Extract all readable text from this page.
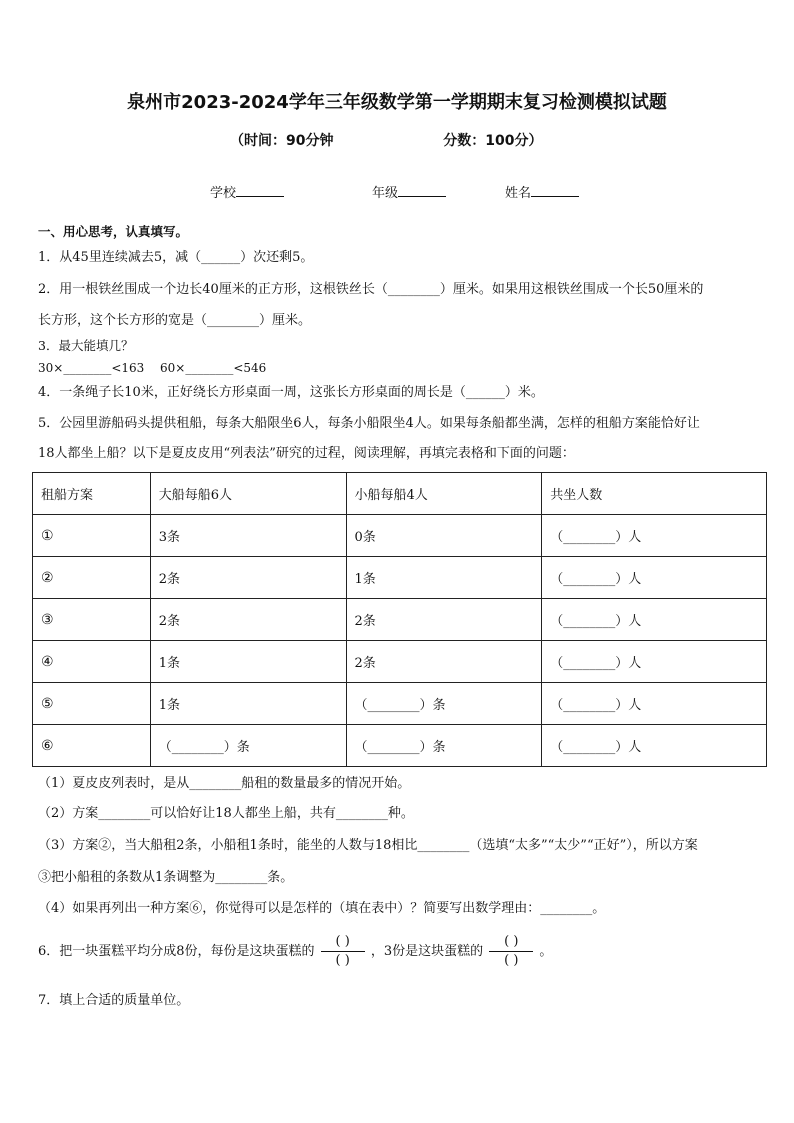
泉州市2023-2024学年三年级数学第一学期期末复习检测模拟试题
（时间：90分钟	分数：100分）
学校	年级	姓名
一、用心思考，认真填写。
1．从45里连续减去5，减（______）次还剩5。
2．用一根铁丝围成一个边长40厘米的正方形，这根铁丝长（________）厘米。如果用这根铁丝围成一个长50厘米的
长方形，这个长方形的宽是（________）厘米。
3．最大能填几？
30×________<163 60×________<546
4．一条绳子长10米，正好绕长方形桌面一周，这张长方形桌面的周长是（______）米。
5．公园里游船码头提供租船，每条大船限坐6人，每条小船限坐4人。如果每条船都坐满，怎样的租船方案能恰好让
18人都坐上船？以下是夏皮皮用“列表法”研究的过程，阅读理解，再填完表格和下面的问题：
租船方案	大船每船6人	小船每船4人	共坐人数
①	3条	0条	（________）人
②	2条	1条	（________）人
③	2条	2条	（________）人
④	1条	2条	（________）人
⑤	1条	（________）条	（________）人
⑥	（________）条	（________）条	（________）人
（1）夏皮皮列表时，是从________船租的数量最多的情况开始。
（2）方案________可以恰好让18人都坐上船，共有________种。
（3）方案②，当大船租2条，小船租1条时，能坐的人数与18相比________（选填“太多”“太少”“正好”），所以方案
③把小船租的条数从1条调整为________条。
（4）如果再列出一种方案⑥，你觉得可以是怎样的（填在表中）？简要写出数学理由：________。
6．把一块蛋糕平均分成8份，每份是这块蛋糕的 $\frac{( )}{( )}$ ，3份是这块蛋糕的 $\frac{( )}{( )}$ 。
7．填上合适的质量单位。
